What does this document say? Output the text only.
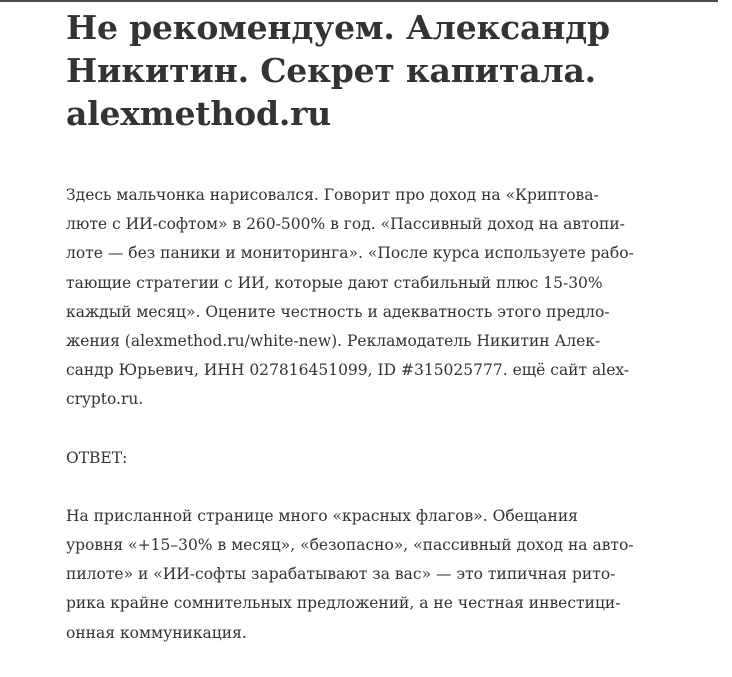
Не рекомендуем. Александр
Никитин. Секрет капитала.
alexmethod.ru

Здесь мальчонка нарисовался. Говорит про доход на «Криптова-
люте с ИИ-софтом» в 260-500% в год. «Пассивный доход на автопи-
лоте — без паники и мониторинга». «После курса используете рабо-
тающие стратегии с ИИ, которые дают стабильный плюс 15-30%
каждый месяц». Оцените честность и адекватность этого предло-
жения (alexmethod.ru/white-new). Рекламодатель Никитин Алек-
сандр Юрьевич, ИНН 027816451099, ID #315025777. ещё сайт alex-
crypto.ru.

ОТВЕТ:

На присланной странице много «красных флагов». Обещания
уровня «+15–30% в месяц», «безопасно», «пассивный доход на авто-
пилоте» и «ИИ-софты зарабатывают за вас» — это типичная рито-
рика крайне сомнительных предложений, а не честная инвестици-
онная коммуникация.
